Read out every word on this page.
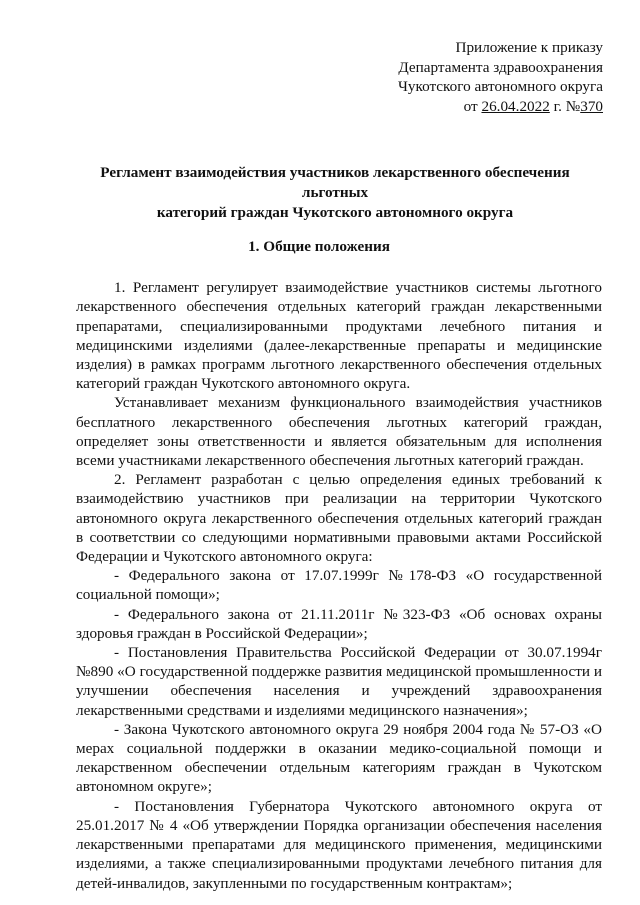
Приложение к приказу
Департамента здравоохранения
Чукотского автономного округа
от 26.04.2022 г. №370
Регламент взаимодействия участников лекарственного обеспечения льготных
категорий граждан Чукотского автономного округа
1. Общие положения

1. Регламент регулирует взаимодействие участников системы льготного лекарственного обеспечения отдельных категорий граждан лекарственными препаратами, специализированными продуктами лечебного питания и медицинскими изделиями (далее-лекарственные препараты и медицинские изделия) в рамках программ льготного лекарственного обеспечения отдельных категорий граждан Чукотского автономного округа.

Устанавливает механизм функционального взаимодействия участников бесплатного лекарственного обеспечения льготных категорий граждан, определяет зоны ответственности и является обязательным для исполнения всеми участниками лекарственного обеспечения льготных категорий граждан.

2. Регламент разработан с целью определения единых требований к взаимодействию участников при реализации на территории Чукотского автономного округа лекарственного обеспечения отдельных категорий граждан в соответствии со следующими нормативными правовыми актами Российской Федерации и Чукотского автономного округа:

- Федерального закона от 17.07.1999г №178-ФЗ «О государственной социальной помощи»;

- Федерального закона от 21.11.2011г №323-ФЗ «Об основах охраны здоровья граждан в Российской Федерации»;

- Постановления Правительства Российской Федерации от 30.07.1994г №890 «О государственной поддержке развития медицинской промышленности и улучшении обеспечения населения и учреждений здравоохранения лекарственными средствами и изделиями медицинского назначения»;

- Закона Чукотского автономного округа 29 ноября 2004 года № 57-ОЗ «О мерах социальной поддержки в оказании медико-социальной помощи и лекарственном обеспечении отдельным категориям граждан в Чукотском автономном округе»;

- Постановления Губернатора Чукотского автономного округа от 25.01.2017 № 4 «Об утверждении Порядка организации обеспечения населения лекарственными препаратами для медицинского применения, медицинскими изделиями, а также специализированными продуктами лечебного питания для детей-инвалидов, закупленными по государственным контрактам»;
